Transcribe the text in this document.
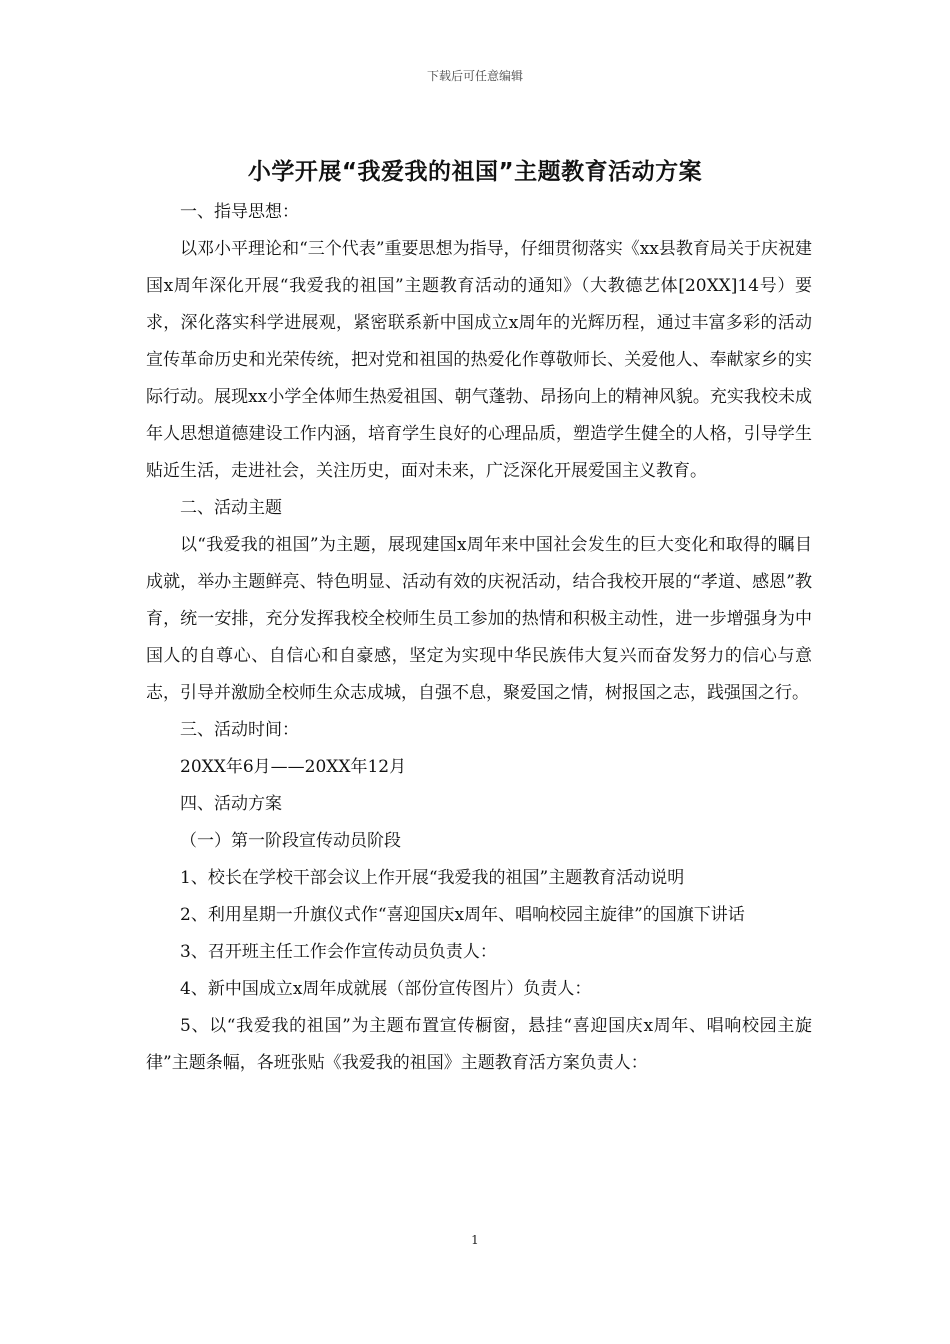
下载后可任意编辑
小学开展“我爱我的祖国”主题教育活动方案

一、指导思想：

以邓小平理论和“三个代表”重要思想为指导，仔细贯彻落实《xx县教育局关于庆祝建国x周年深化开展“我爱我的祖国”主题教育活动的通知》（大教德艺体[20XX]14号）要求，深化落实科学进展观，紧密联系新中国成立x周年的光辉历程，通过丰富多彩的活动宣传革命历史和光荣传统，把对党和祖国的热爱化作尊敬师长、关爱他人、奉献家乡的实际行动。展现xx小学全体师生热爱祖国、朝气蓬勃、昂扬向上的精神风貌。充实我校未成年人思想道德建设工作内涵，培育学生良好的心理品质，塑造学生健全的人格，引导学生贴近生活，走进社会，关注历史，面对未来，广泛深化开展爱国主义教育。

二、活动主题

以“我爱我的祖国”为主题，展现建国x周年来中国社会发生的巨大变化和取得的瞩目成就，举办主题鲜亮、特色明显、活动有效的庆祝活动，结合我校开展的“孝道、感恩”教育，统一安排，充分发挥我校全校师生员工参加的热情和积极主动性，进一步增强身为中国人的自尊心、自信心和自豪感，坚定为实现中华民族伟大复兴而奋发努力的信心与意志，引导并激励全校师生众志成城，自强不息，聚爱国之情，树报国之志，践强国之行。

三、活动时间：

20XX年6月——20XX年12月

四、活动方案

（一）第一阶段宣传动员阶段

1、校长在学校干部会议上作开展“我爱我的祖国”主题教育活动说明

2、利用星期一升旗仪式作“喜迎国庆x周年、唱响校园主旋律”的国旗下讲话

3、召开班主任工作会作宣传动员负责人：

4、新中国成立x周年成就展（部份宣传图片）负责人：

5、以“我爱我的祖国”为主题布置宣传橱窗，悬挂“喜迎国庆x周年、唱响校园主旋律”主题条幅，各班张贴《我爱我的祖国》主题教育活方案负责人：

1
